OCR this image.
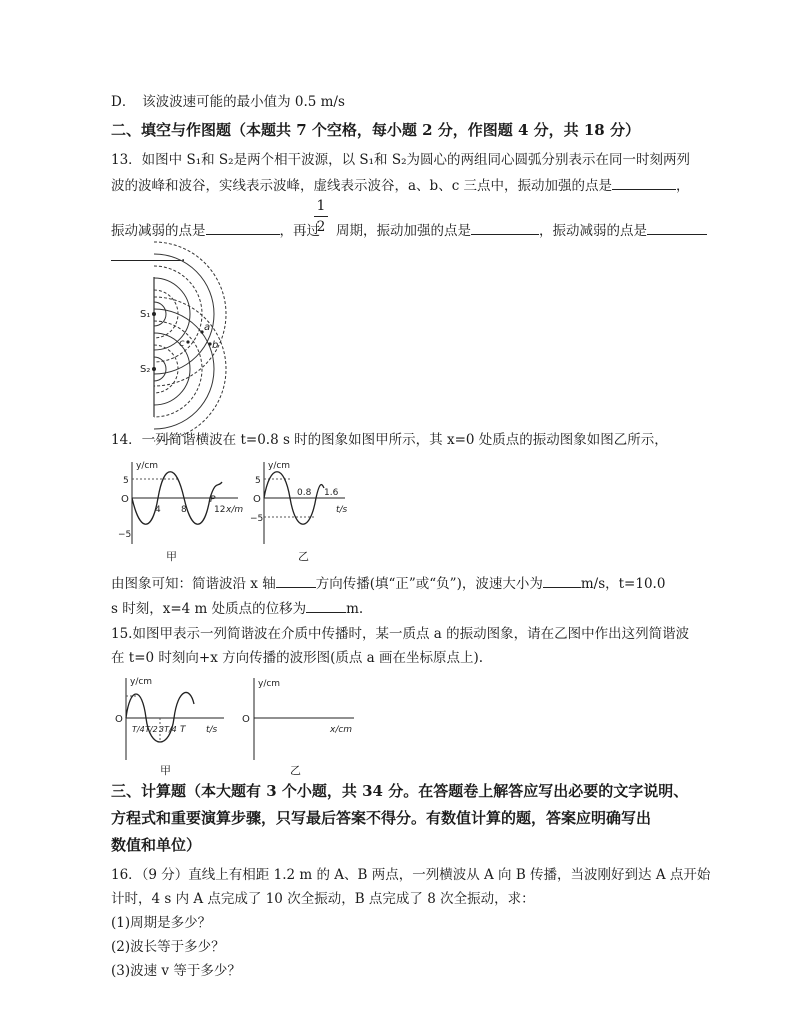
D．　该波波速可能的最小值为 0.5 m/s
二、填空与作图题（本题共 7 个空格，每小题 2 分，作图题 4 分，共 18 分）
13．如图中 S₁和 S₂是两个相干波源，以 S₁和 S₂为圆心的两组同心圆弧分别表示在同一时刻两列
波的波峰和波谷，实线表示波峰，虚线表示波谷，a、b、c 三点中，振动加强的点是	，
振动减弱的点是	，再过 周期，振动加强的点是	，振动减弱的点是
1
2
.
S₁
S₂
a
c	b
14．一列简谐横波在 t=0.8 s 时的图象如图甲所示，其 x=0 处质点的振动图象如图乙所示，
y/cm
x/m
O
5
−5
4 8	12
P
甲
y/cm
t/s
O
5
−5
0.8 1.6
乙
由图象可知：简谐波沿 x 轴	方向传播(填“正”或“负”)，波速大小为	m/s，t=10.0
s 时刻，x=4 m 处质点的位移为	m.
15.如图甲表示一列简谐波在介质中传播时，某一质点 a 的振动图象，请在乙图中作出这列简谐波
在 t=0 时刻向+x 方向传播的波形图(质点 a 画在坐标原点上).
y/cm
t/s
O
T/4 T/2 3T/4 T
甲
y/cm
x/cm
O
乙
三、计算题（本大题有 3 个小题，共 34 分。在答题卷上解答应写出必要的文字说明、
方程式和重要演算步骤，只写最后答案不得分。有数值计算的题，答案应明确写出
数值和单位）
16．（9 分）直线上有相距 1.2 m 的 A、B 两点，一列横波从 A 向 B 传播，当波刚好到达 A 点开始
计时，4 s 内 A 点完成了 10 次全振动，B 点完成了 8 次全振动，求：
(1)周期是多少？
(2)波长等于多少？
(3)波速 v 等于多少？
